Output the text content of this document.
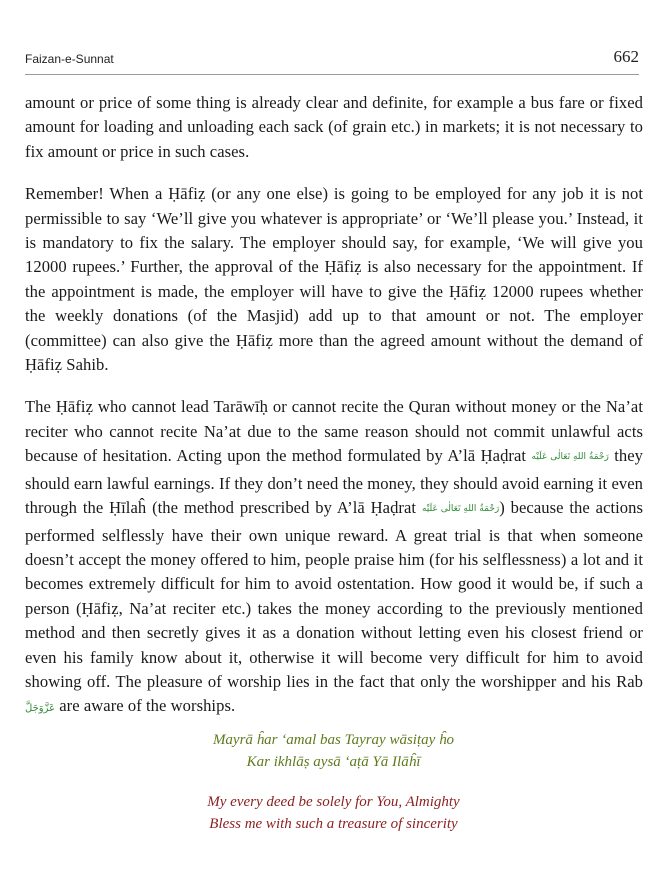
Faizan-e-Sunnat	662

amount or price of some thing is already clear and definite, for example a bus fare or fixed amount for loading and unloading each sack (of grain etc.) in markets; it is not necessary to fix amount or price in such cases.

Remember! When a Ḥāfiẓ (or any one else) is going to be employed for any job it is not permissible to say ‘We’ll give you whatever is appropriate’ or ‘We’ll please you.’ Instead, it is mandatory to fix the salary. The employer should say, for example, ‘We will give you 12000 rupees.’ Further, the approval of the Ḥāfiẓ is also necessary for the appointment. If the appointment is made, the employer will have to give the Ḥāfiẓ 12000 rupees whether the weekly donations (of the Masjid) add up to that amount or not. The employer (committee) can also give the Ḥāfiẓ more than the agreed amount without the demand of Ḥāfiẓ Sahib.

The Ḥāfiẓ who cannot lead Tarāwīḥ or cannot recite the Quran without money or the Na’at reciter who cannot recite Na’at due to the same reason should not commit unlawful acts because of hesitation. Acting upon the method formulated by A’lā Ḥaḍrat رَحْمَةُ اللهِ تَعَالٰی عَلَيْه they should earn lawful earnings. If they don’t need the money, they should avoid earning it even through the Ḥīlaĥ (the method prescribed by A’lā Ḥaḍrat رَحْمَةُ اللهِ تَعَالٰی عَلَيْه) because the actions performed selflessly have their own unique reward. A great trial is that when someone doesn’t accept the money offered to him, people praise him (for his selflessness) a lot and it becomes extremely difficult for him to avoid ostentation. How good it would be, if such a person (Ḥāfiẓ, Na’at reciter etc.) takes the money according to the previously mentioned method and then secretly gives it as a donation without letting even his closest friend or even his family know about it, otherwise it will become very difficult for him to avoid showing off. The pleasure of worship lies in the fact that only the worshipper and his Rab عَزَّوَجَلَّ are aware of the worships.

Mayrā ĥar ‘amal bas Tayray wāsiṭay ĥo
Kar ikhlāṣ aysā ‘aṭā Yā Ilāĥī
My every deed be solely for You, Almighty
Bless me with such a treasure of sincerity
